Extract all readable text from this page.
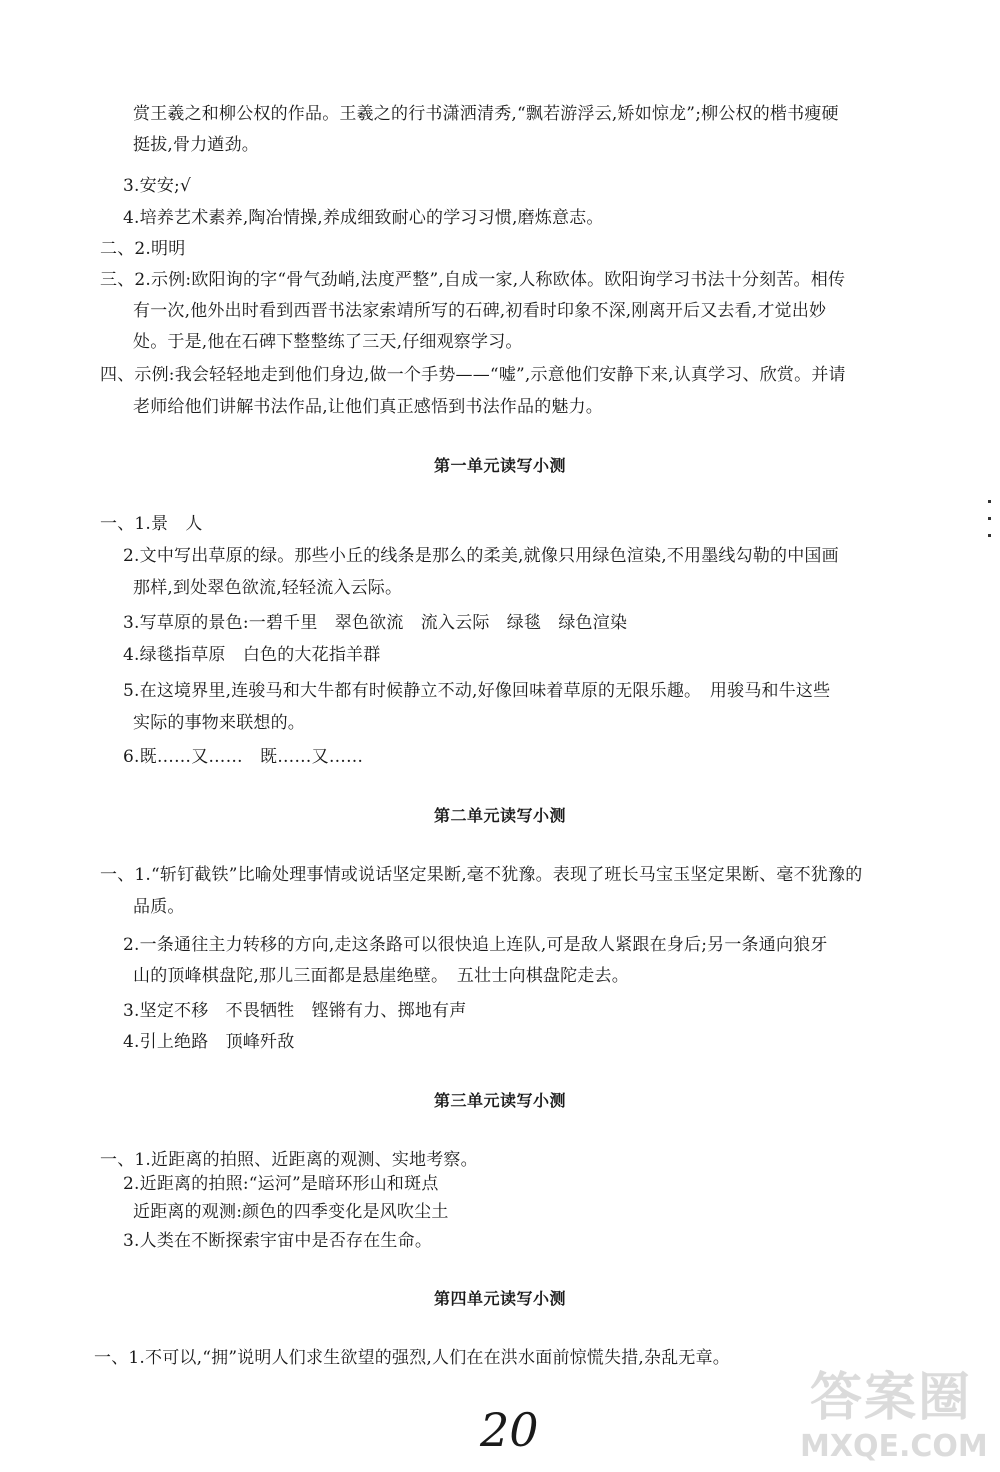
赏王羲之和柳公权的作品。王羲之的行书潇洒清秀,“飘若游浮云,矫如惊龙”;柳公权的楷书瘦硬
挺拔,骨力遒劲。
3.安安;√
4.培养艺术素养,陶冶情操,养成细致耐心的学习习惯,磨炼意志。
二、2.明明
三、2.示例:欧阳询的字“骨气劲峭,法度严整”,自成一家,人称欧体。欧阳询学习书法十分刻苦。相传
有一次,他外出时看到西晋书法家索靖所写的石碑,初看时印象不深,刚离开后又去看,才觉出妙
处。于是,他在石碑下整整练了三天,仔细观察学习。
四、示例:我会轻轻地走到他们身边,做一个手势——“嘘”,示意他们安静下来,认真学习、欣赏。并请
老师给他们讲解书法作品,让他们真正感悟到书法作品的魅力。
第一单元读写小测
一、1.景　人
2.文中写出草原的绿。那些小丘的线条是那么的柔美,就像只用绿色渲染,不用墨线勾勒的中国画
那样,到处翠色欲流,轻轻流入云际。
3.写草原的景色:一碧千里　翠色欲流　流入云际　绿毯　绿色渲染
4.绿毯指草原　白色的大花指羊群
5.在这境界里,连骏马和大牛都有时候静立不动,好像回味着草原的无限乐趣。　用骏马和牛这些
实际的事物来联想的。
6.既……又……　既……又……
第二单元读写小测
一、1.“斩钉截铁”比喻处理事情或说话坚定果断,毫不犹豫。表现了班长马宝玉坚定果断、毫不犹豫的
品质。
2.一条通往主力转移的方向,走这条路可以很快追上连队,可是敌人紧跟在身后;另一条通向狼牙
山的顶峰棋盘陀,那儿三面都是悬崖绝壁。　五壮士向棋盘陀走去。
3.坚定不移　不畏牺牲　铿锵有力、掷地有声
4.引上绝路　顶峰歼敌
第三单元读写小测
一、1.近距离的拍照、近距离的观测、实地考察。
2.近距离的拍照:“运河”是暗环形山和斑点
近距离的观测:颜色的四季变化是风吹尘土
3.人类在不断探索宇宙中是否存在生命。
第四单元读写小测
一、1.不可以,“拥”说明人们求生欲望的强烈,人们在在洪水面前惊慌失措,杂乱无章。
20
答案圈
MXQE.COM
